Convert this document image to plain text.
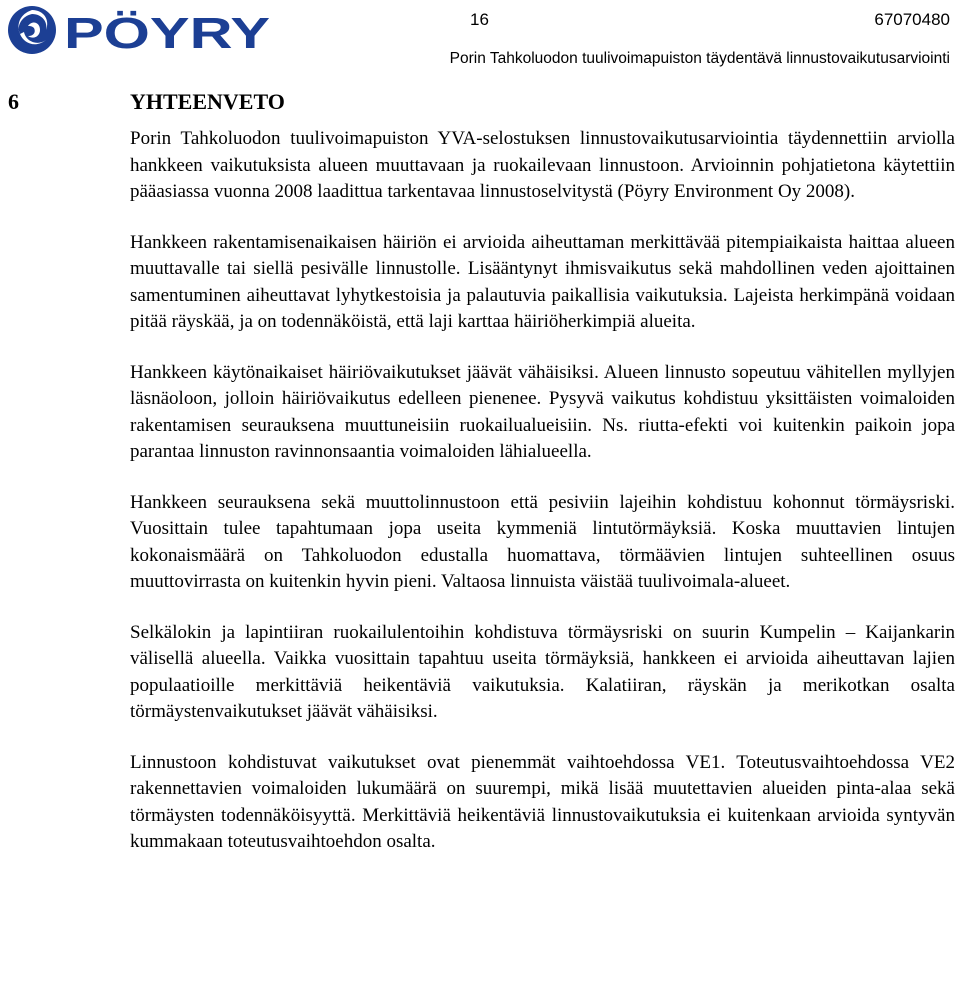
PÖYRY	16	67070480
Porin Tahkoluodon tuulivoimapuiston täydentävä linnustovaikutusarviointi
6	YHTEENVETO

Porin Tahkoluodon tuulivoimapuiston YVA-selostuksen linnustovaikutusarviointia täydennettiin arviolla hankkeen vaikutuksista alueen muuttavaan ja ruokailevaan linnustoon. Arvioinnin pohjatietona käytettiin pääasiassa vuonna 2008 laadittua tarkentavaa linnustoselvitystä (Pöyry Environment Oy 2008).

Hankkeen rakentamisenaikaisen häiriön ei arvioida aiheuttaman merkittävää pitempiaikaista haittaa alueen muuttavalle tai siellä pesivälle linnustolle. Lisääntynyt ihmisvaikutus sekä mahdollinen veden ajoittainen samentuminen aiheuttavat lyhytkestoisia ja palautuvia paikallisia vaikutuksia. Lajeista herkimpänä voidaan pitää räyskää, ja on todennäköistä, että laji karttaa häiriöherkimpiä alueita.

Hankkeen käytönaikaiset häiriövaikutukset jäävät vähäisiksi. Alueen linnusto sopeutuu vähitellen myllyjen läsnäoloon, jolloin häiriövaikutus edelleen pienenee. Pysyvä vaikutus kohdistuu yksittäisten voimaloiden rakentamisen seurauksena muuttuneisiin ruokailualueisiin. Ns. riutta-efekti voi kuitenkin paikoin jopa parantaa linnuston ravinnonsaantia voimaloiden lähialueella.

Hankkeen seurauksena sekä muuttolinnustoon että pesiviin lajeihin kohdistuu kohonnut törmäysriski. Vuosittain tulee tapahtumaan jopa useita kymmeniä lintutörmäyksiä. Koska muuttavien lintujen kokonaismäärä on Tahkoluodon edustalla huomattava, törmäävien lintujen suhteellinen osuus muuttovirrasta on kuitenkin hyvin pieni. Valtaosa linnuista väistää tuulivoimala-alueet.

Selkälokin ja lapintiiran ruokailulentoihin kohdistuva törmäysriski on suurin Kumpelin – Kaijankarin välisellä alueella. Vaikka vuosittain tapahtuu useita törmäyksiä, hankkeen ei arvioida aiheuttavan lajien populaatioille merkittäviä heikentäviä vaikutuksia. Kalatiiran, räyskän ja merikotkan osalta törmäystenvaikutukset jäävät vähäisiksi.

Linnustoon kohdistuvat vaikutukset ovat pienemmät vaihtoehdossa VE1. Toteutusvaihtoehdossa VE2 rakennettavien voimaloiden lukumäärä on suurempi, mikä lisää muutettavien alueiden pinta-alaa sekä törmäysten todennäköisyyttä. Merkittäviä heikentäviä linnustovaikutuksia ei kuitenkaan arvioida syntyvän kummakaan toteutusvaihtoehdon osalta.
